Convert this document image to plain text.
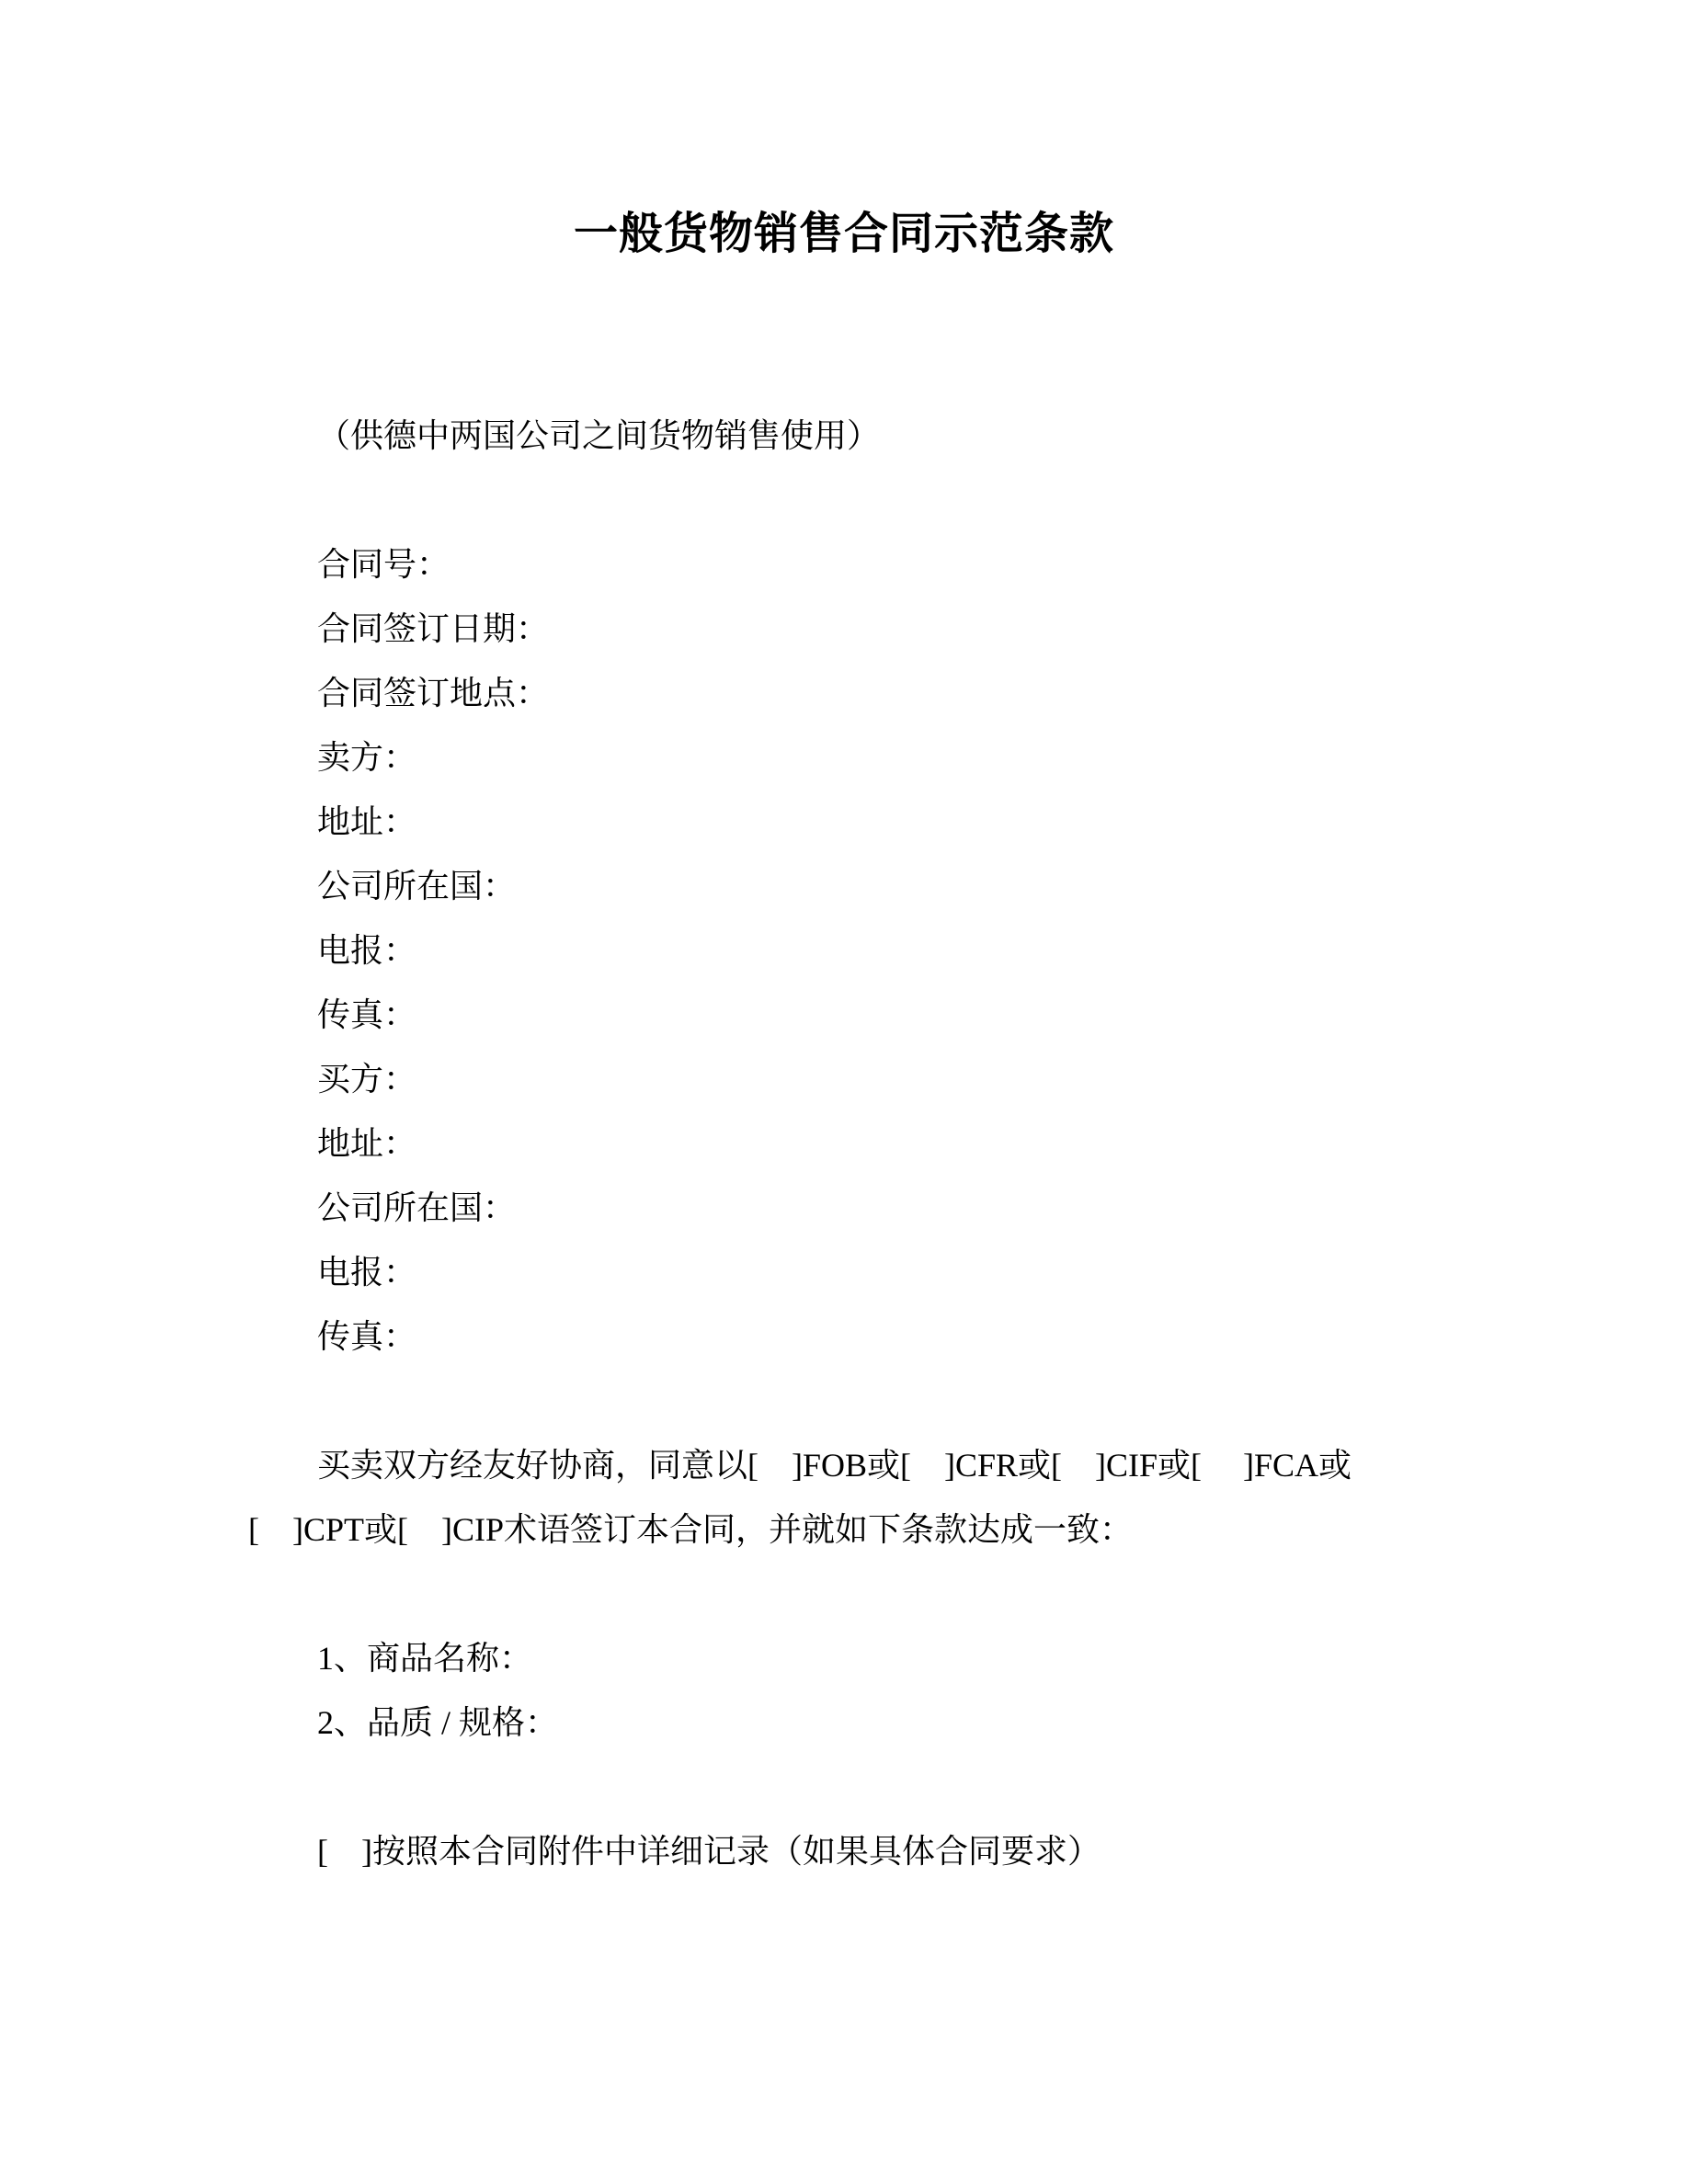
一般货物销售合同示范条款
（供德中两国公司之间货物销售使用）
合同号：
合同签订日期：
合同签订地点：
卖方：
地址：
公司所在国：
电报：
传真：
买方：
地址：
公司所在国：
电报：
传真：
买卖双方经友好协商，同意以[　]FOB或[　]CFR或[　]CIF或[　 ]FCA或
[　]CPT或[　]CIP术语签订本合同，并就如下条款达成一致：
1、商品名称：
2、品质 / 规格：
[　]按照本合同附件中详细记录（如果具体合同要求）
